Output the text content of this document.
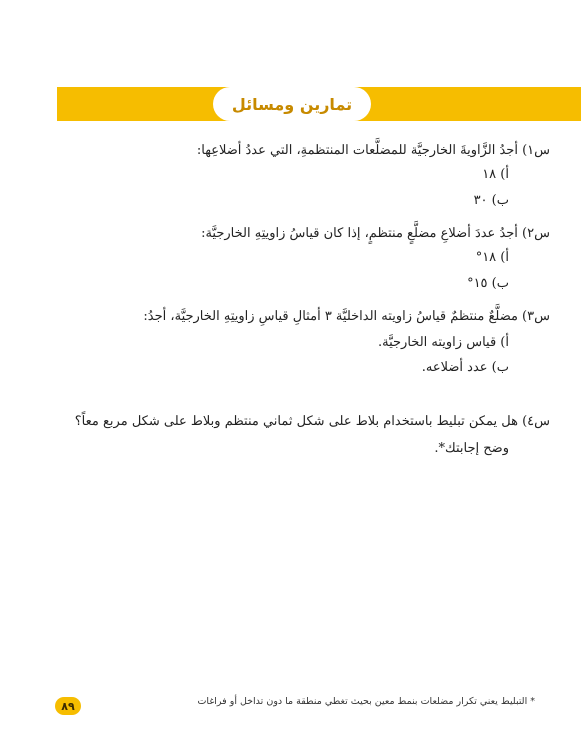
تمارين ومسائل
س١) أجدُ الزَّاويةَ الخارجيَّة للمضلَّعات المنتظمةِ، التي عددُ أضلاعِها:
أ) ١٨
ب) ٣٠
س٢) أجدُ عددَ أضلاعِ مضلَّعٍ منتظمٍ، إذا كان قياسُ زاويتِهِ الخارجيَّة:
أ) ١٨°
ب) ١٥°
س٣) مضلَّعٌ منتظمٌ قياسُ زاويته الداخليَّة ٣ أمثالِ قياسِ زاويتِهِ الخارجيَّة، أجدُ:
أ) قياس زاويته الخارجيَّة.
ب) عدد أضلاعه.
س٤) هل يمكن تبليط باستخدام بلاط على شكل ثماني منتظم وبلاط على شكل مربع معاً؟
وضح إجابتك*.
٨٩	* التبليط يعني تكرار مضلعات بنمط معين بحيث تغطي منطقة ما دون تداخل أو فراغات
